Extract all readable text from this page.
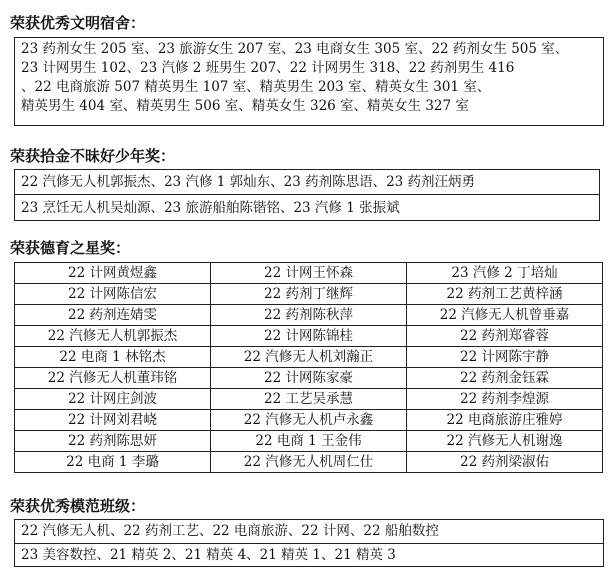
荣获优秀文明宿舍：
23 药剂女生 205 室、23 旅游女生 207 室、23 电商女生 305 室、22 药剂女生 505 室、
23 计网男生 102、23 汽修 2 班男生 207、22 计网男生 318、22 药剂男生 416
、22 电商旅游 507 精英男生 107 室、精英男生 203 室、精英女生 301 室、
精英男生 404 室、精英男生 506 室、精英女生 326 室、精英女生 327 室
荣获拾金不昧好少年奖：
22 汽修无人机郭振杰、23 汽修 1 郭灿东、23 药剂陈思语、23 药剂汪炳勇
23 烹饪无人机吴灿源、23 旅游船舶陈锴铭、23 汽修 1 张振斌
荣获德育之星奖：
22 计网黄煜鑫	22 计网王怀森	23 汽修 2 丁培灿
22 计网陈信宏	22 药剂丁继辉	22 药剂工艺黄梓涵
22 药剂连婧雯	22 药剂陈秋萍	22 汽修无人机曾垂嘉
22 汽修无人机郭振杰	22 计网陈锦桂	22 药剂郑睿蓉
22 电商 1 林铭杰	22 汽修无人机刘瀚正	22 计网陈宇静
22 汽修无人机董玮铭	22 计网陈家豪	22 药剂金钰霖
22 计网庄剑波	22 工艺吴承慧	22 药剂李煌源
22 计网刘君峣	22 汽修无人机卢永鑫	22 电商旅游庄雅婷
22 药剂陈思妍	22 电商 1 王金伟	22 汽修无人机谢逸
22 电商 1 李璐	22 汽修无人机周仁仕	22 药剂梁淑佑
荣获优秀模范班级：
22 汽修无人机、22 药剂工艺、22 电商旅游、22 计网、22 船舶数控
23 美容数控、21 精英 2、21 精英 4、21 精英 1、21 精英 3
